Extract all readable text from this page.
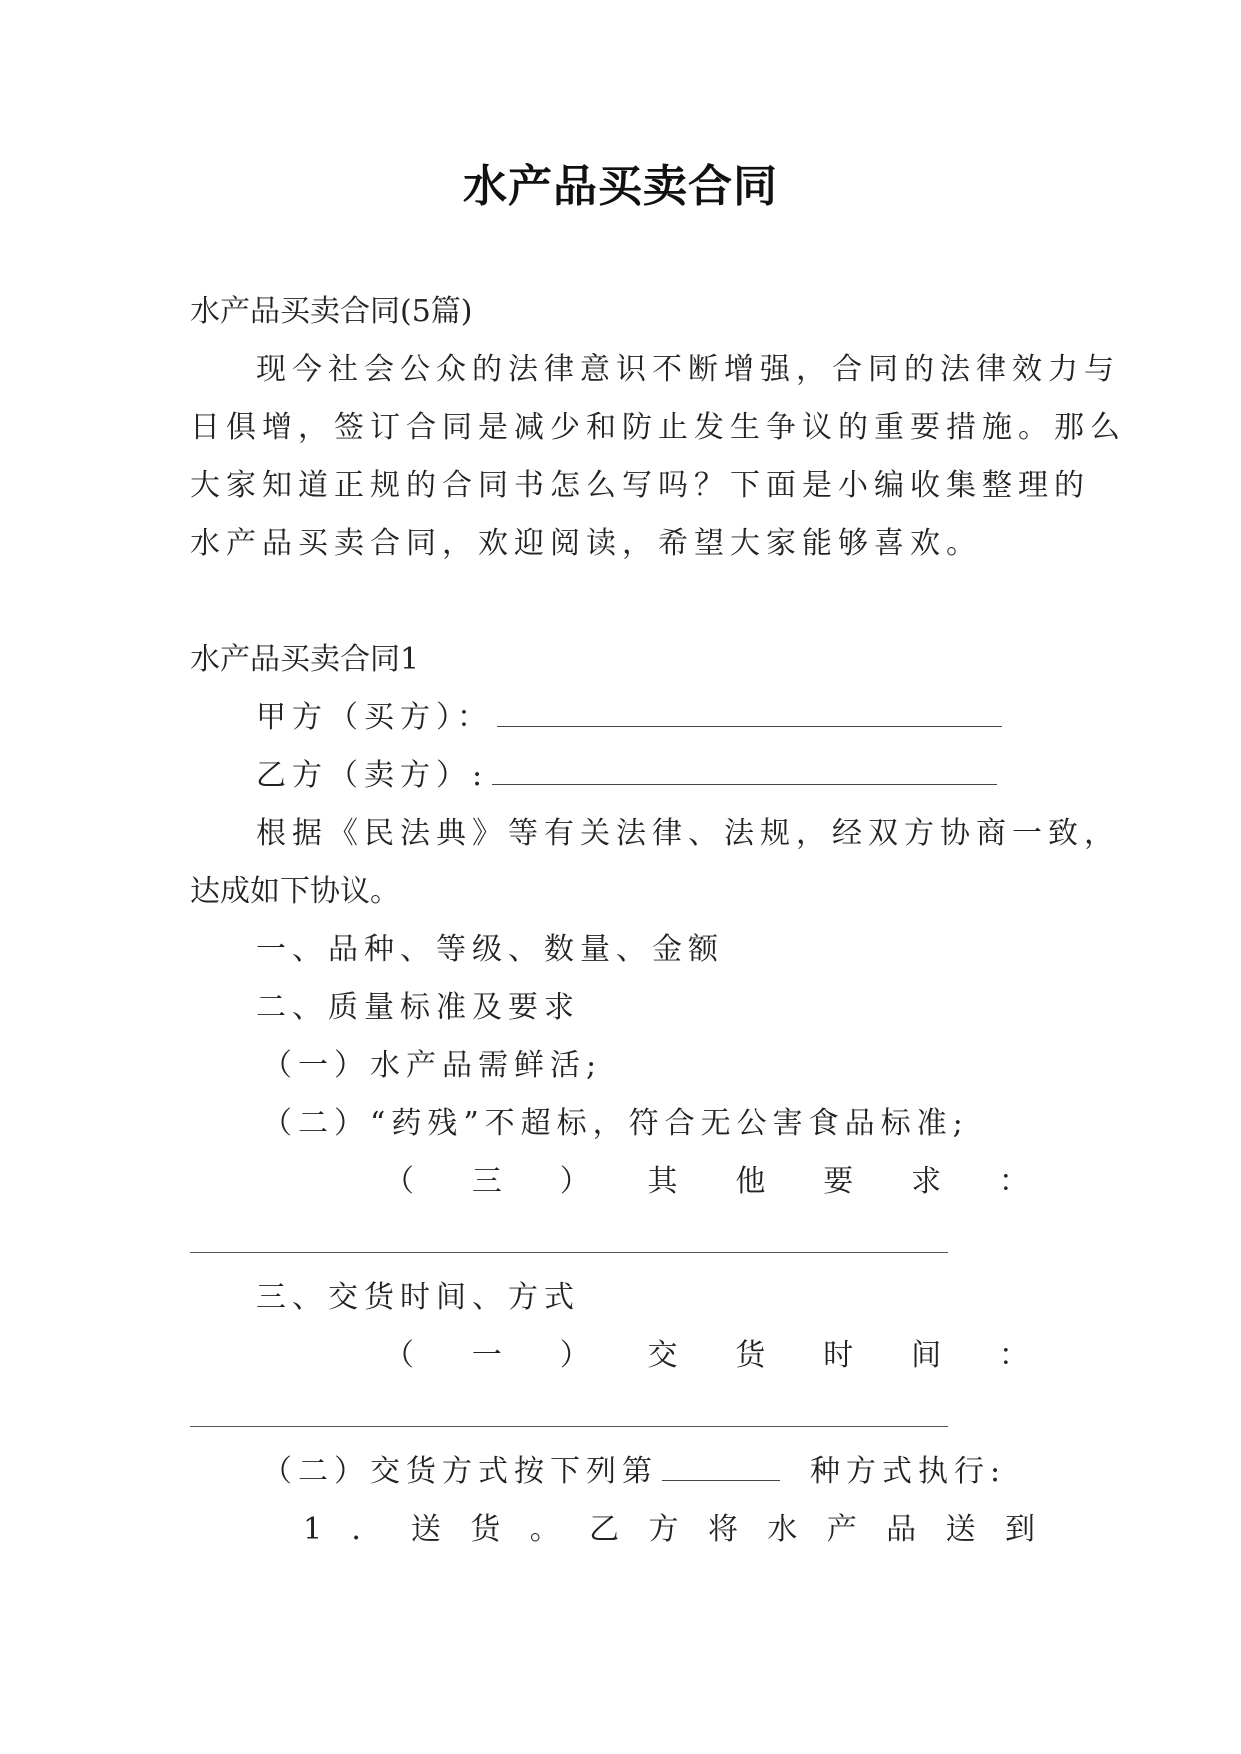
水产品买卖合同

水产品买卖合同(5篇)

现今社会公众的法律意识不断增强，合同的法律效力与

日俱增，签订合同是减少和防止发生争议的重要措施。那么

大家知道正规的合同书怎么写吗？下面是小编收集整理的

水产品买卖合同，欢迎阅读，希望大家能够喜欢。

水产品买卖合同1

甲方（买方）：
乙方（卖方）:

根据《民法典》等有关法律、法规，经双方协商一致，

达成如下协议。

一、品种、等级、数量、金额

二、质量标准及要求

（一）水产品需鲜活;

（二）“药残”不超标，符合无公害食品标准;

（ 三 ） 其 他 要 求 ：

三、交货时间、方式

（ 一 ） 交 货 时 间 ：
（二）交货方式按下列第	种方式执行:
1 ． 送 货 。 乙 方 将 水 产 品 送 到
